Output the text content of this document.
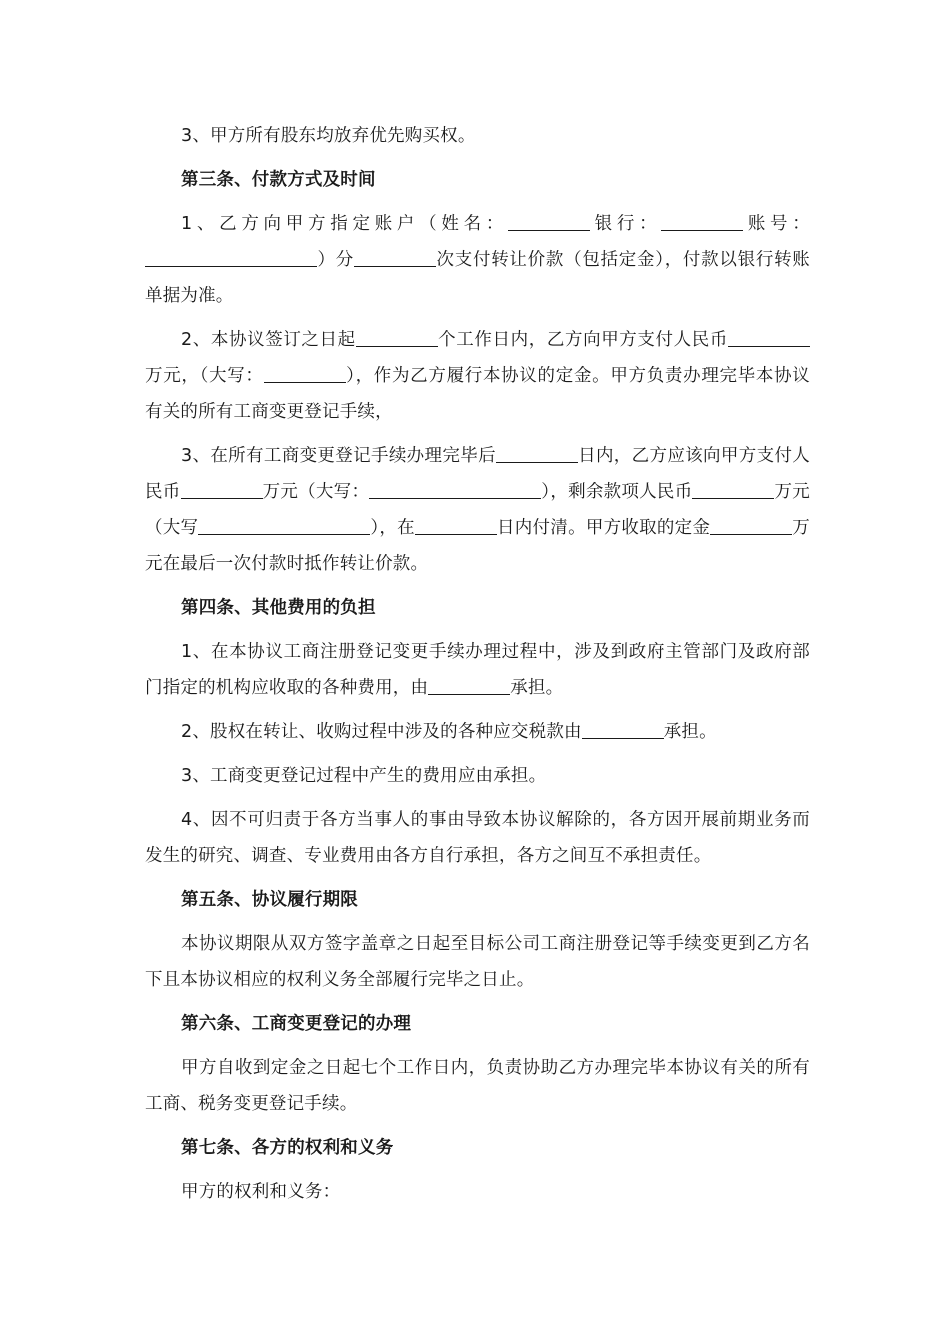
3、甲方所有股东均放弃优先购买权。

第三条、付款方式及时间

1、乙方向甲方指定账户（姓名：	银行：	账号：）分	次支付转让价款（包括定金），付款以银行转账单据为准。

2、本协议签订之日起	个工作日内，乙方向甲方支付人民币万元，（大写：	），作为乙方履行本协议的定金。甲方负责办理完毕本协议有关的所有工商变更登记手续，

3、在所有工商变更登记手续办理完毕后	日内，乙方应该向甲方支付人民币	万元（大写：	），剩余款项人民币	万元（大写	），在	日内付清。甲方收取的定金	万元在最后一次付款时抵作转让价款。

第四条、其他费用的负担

1、在本协议工商注册登记变更手续办理过程中，涉及到政府主管部门及政府部门指定的机构应收取的各种费用，由	承担。

2、股权在转让、收购过程中涉及的各种应交税款由	承担。

3、工商变更登记过程中产生的费用应由承担。

4、因不可归责于各方当事人的事由导致本协议解除的，各方因开展前期业务而发生的研究、调查、专业费用由各方自行承担，各方之间互不承担责任。

第五条、协议履行期限

本协议期限从双方签字盖章之日起至目标公司工商注册登记等手续变更到乙方名下且本协议相应的权利义务全部履行完毕之日止。

第六条、工商变更登记的办理

甲方自收到定金之日起七个工作日内，负责协助乙方办理完毕本协议有关的所有工商、税务变更登记手续。

第七条、各方的权利和义务

甲方的权利和义务：
